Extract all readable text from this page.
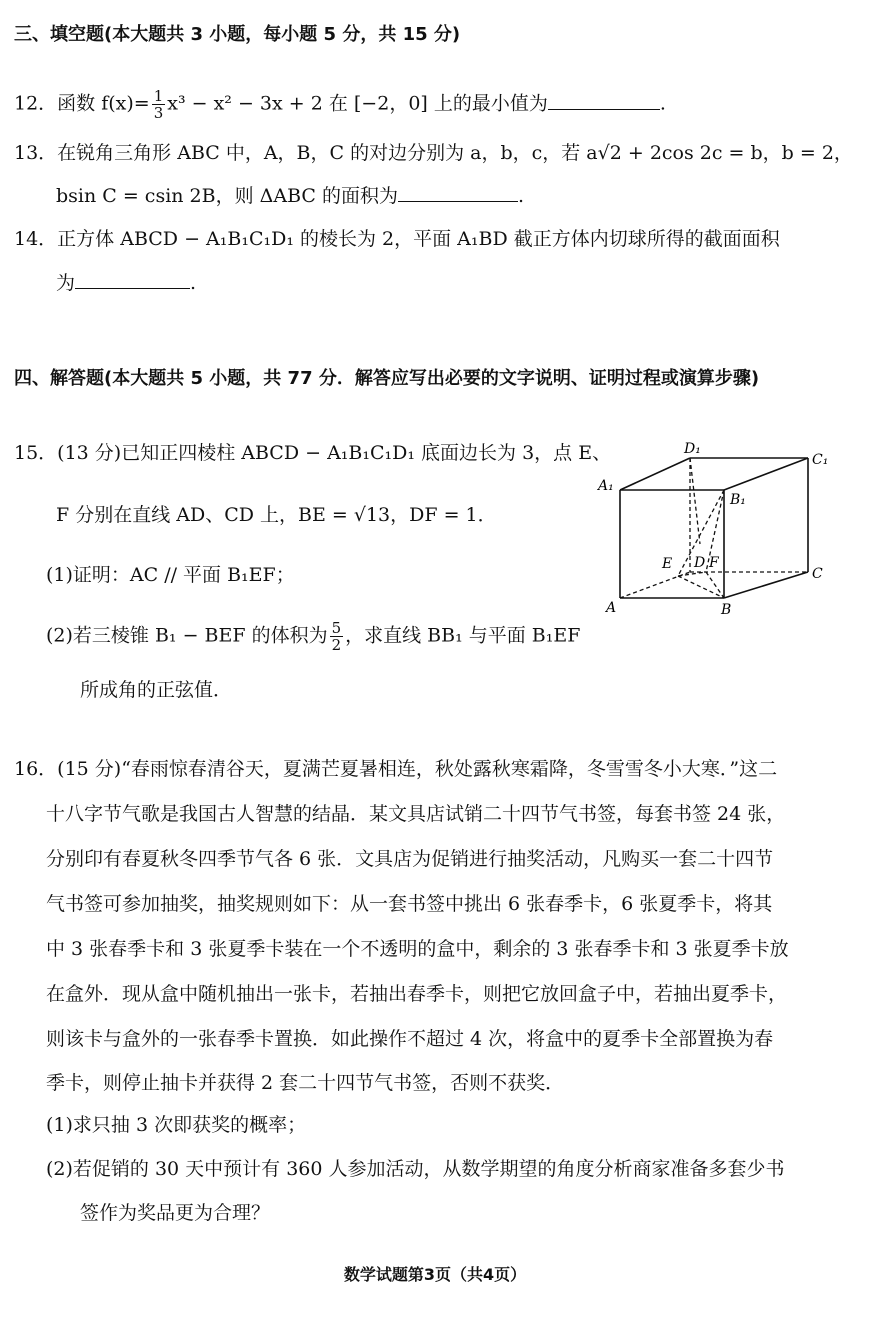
三、填空题(本大题共 3 小题，每小题 5 分，共 15 分)
12．函数 $f(x)= \frac{1}{3} x^3 - x^2 - 3x + 2$ 在 [−2，0] 上的最小值为	.
13．在锐角三角形 ABC 中，A，B，C 的对边分别为 a，b，c，若 a√2 + 2cos 2c = b，b = 2，
bsin C = csin 2B，则 ΔABC 的面积为	.
14．正方体 ABCD − A₁B₁C₁D₁ 的棱长为 2，平面 A₁BD 截正方体内切球所得的截面面积
为	.
四、解答题(本大题共 5 小题，共 77 分．解答应写出必要的文字说明、证明过程或演算步骤)
15．(13 分)已知正四棱柱 ABCD − A₁B₁C₁D₁ 底面边长为 3，点 E、
F 分别在直线 AD、CD 上，BE = √13，DF = 1．
(1)证明：AC // 平面 B₁EF；
(2)若三棱锥 B₁ − BEF 的体积为 $\frac{5}{2}$ ，求直线 BB₁ 与平面 B₁EF
所成角的正弦值．
D₁
C₁
A₁
B₁
E D F
C
A	B
16．(15 分)“春雨惊春清谷天，夏满芒夏暑相连，秋处露秋寒霜降，冬雪雪冬小大寒．”这二
十八字节气歌是我国古人智慧的结晶．某文具店试销二十四节气书签，每套书签 24 张，
分别印有春夏秋冬四季节气各 6 张．文具店为促销进行抽奖活动，凡购买一套二十四节
气书签可参加抽奖，抽奖规则如下：从一套书签中挑出 6 张春季卡，6 张夏季卡，将其
中 3 张春季卡和 3 张夏季卡装在一个不透明的盒中，剩余的 3 张春季卡和 3 张夏季卡放
在盒外．现从盒中随机抽出一张卡，若抽出春季卡，则把它放回盒子中，若抽出夏季卡，
则该卡与盒外的一张春季卡置换．如此操作不超过 4 次，将盒中的夏季卡全部置换为春
季卡，则停止抽卡并获得 2 套二十四节气书签，否则不获奖．
(1)求只抽 3 次即获奖的概率；
(2)若促销的 30 天中预计有 360 人参加活动，从数学期望的角度分析商家准备多套少书
签作为奖品更为合理？
数学试题第3页（共4页）
